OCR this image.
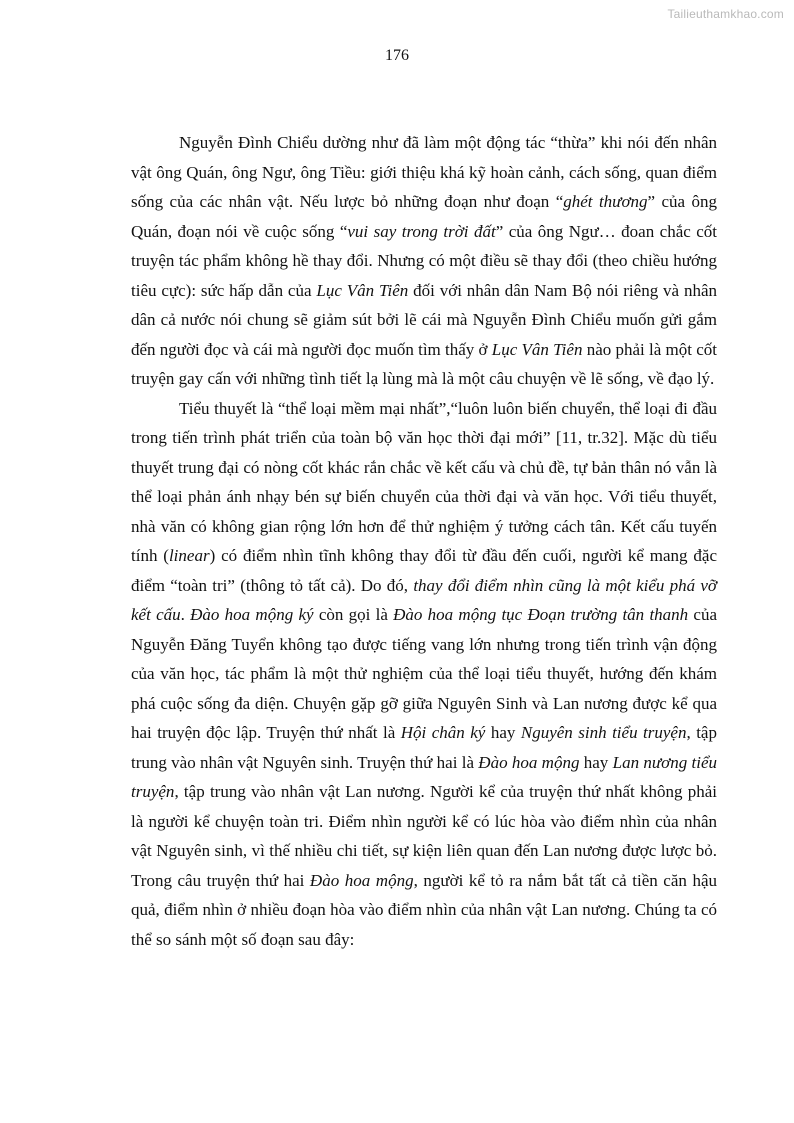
Tailieuthamkhao.com
176

Nguyễn Đình Chiểu dường như đã làm một động tác “thừa” khi nói đến nhân vật ông Quán, ông Ngư, ông Tiều: giới thiệu khá kỹ hoàn cảnh, cách sống, quan điểm sống của các nhân vật. Nếu lược bỏ những đoạn như đoạn “ghét thương” của ông Quán, đoạn nói về cuộc sống “vui say trong trời đất” của ông Ngư… đoan chắc cốt truyện tác phẩm không hề thay đổi. Nhưng có một điều sẽ thay đổi (theo chiều hướng tiêu cực): sức hấp dẫn của Lục Vân Tiên đối với nhân dân Nam Bộ nói riêng và nhân dân cả nước nói chung sẽ giảm sút bởi lẽ cái mà Nguyễn Đình Chiểu muốn gửi gắm đến người đọc và cái mà người đọc muốn tìm thấy ở Lục Vân Tiên nào phải là một cốt truyện gay cấn với những tình tiết lạ lùng mà là một câu chuyện về lẽ sống, về đạo lý.

Tiểu thuyết là “thể loại mềm mại nhất”,“luôn luôn biến chuyển, thể loại đi đầu trong tiến trình phát triển của toàn bộ văn học thời đại mới” [11, tr.32]. Mặc dù tiểu thuyết trung đại có nòng cốt khác rắn chắc về kết cấu và chủ đề, tự bản thân nó vẫn là thể loại phản ánh nhạy bén sự biến chuyển của thời đại và văn học. Với tiểu thuyết, nhà văn có không gian rộng lớn hơn để thử nghiệm ý tưởng cách tân. Kết cấu tuyến tính (linear) có điểm nhìn tĩnh không thay đổi từ đầu đến cuối, người kể mang đặc điểm “toàn tri” (thông tỏ tất cả). Do đó, thay đổi điểm nhìn cũng là một kiểu phá vỡ kết cấu. Đào hoa mộng ký còn gọi là Đào hoa mộng tục Đoạn trường tân thanh của Nguyễn Đăng Tuyển không tạo được tiếng vang lớn nhưng trong tiến trình vận động của văn học, tác phẩm là một thử nghiệm của thể loại tiểu thuyết, hướng đến khám phá cuộc sống đa diện. Chuyện gặp gỡ giữa Nguyên Sinh và Lan nương được kể qua hai truyện độc lập. Truyện thứ nhất là Hội chân ký hay Nguyên sinh tiểu truyện, tập trung vào nhân vật Nguyên sinh. Truyện thứ hai là Đào hoa mộng hay Lan nương tiểu truyện, tập trung vào nhân vật Lan nương. Người kể của truyện thứ nhất không phải là người kể chuyện toàn tri. Điểm nhìn người kể có lúc hòa vào điểm nhìn của nhân vật Nguyên sinh, vì thế nhiều chi tiết, sự kiện liên quan đến Lan nương được lược bỏ. Trong câu truyện thứ hai Đào hoa mộng, người kể tỏ ra nắm bắt tất cả tiền căn hậu quả, điểm nhìn ở nhiều đoạn hòa vào điểm nhìn của nhân vật Lan nương. Chúng ta có thể so sánh một số đoạn sau đây:
